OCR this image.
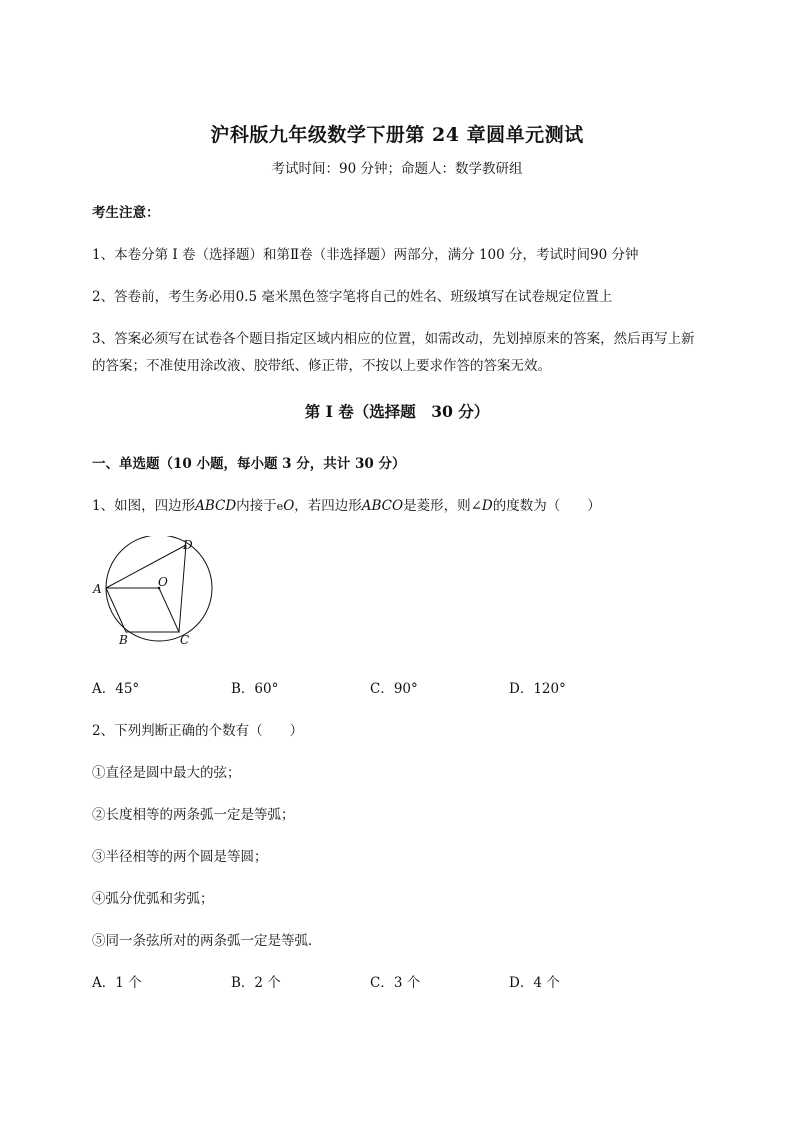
沪科版九年级数学下册第 24 章圆单元测试
考试时间：90 分钟；命题人：数学教研组
考生注意：
1、本卷分第 I 卷（选择题）和第Ⅱ卷（非选择题）两部分，满分 100 分，考试时间90 分钟
2、答卷前，考生务必用0.5 毫米黑色签字笔将自己的姓名、班级填写在试卷规定位置上
3、答案必须写在试卷各个题目指定区域内相应的位置，如需改动，先划掉原来的答案，然后再写上新
的答案；不准使用涂改液、胶带纸、修正带，不按以上要求作答的答案无效。
第 I 卷（选择题　30 分）
一、单选题（10 小题，每小题 3 分，共计 30 分）
1、如图，四边形ABCD内接于eO，若四边形ABCO是菱形，则∠D的度数为（　　）
A
B	C
D
O
A．45°	B．60°	C．90°	D．120°
2、下列判断正确的个数有（　　）
①直径是圆中最大的弦；
②长度相等的两条弧一定是等弧；
③半径相等的两个圆是等圆；
④弧分优弧和劣弧；
⑤同一条弦所对的两条弧一定是等弧．
A．1 个	B．2 个	C．3 个	D．4 个
